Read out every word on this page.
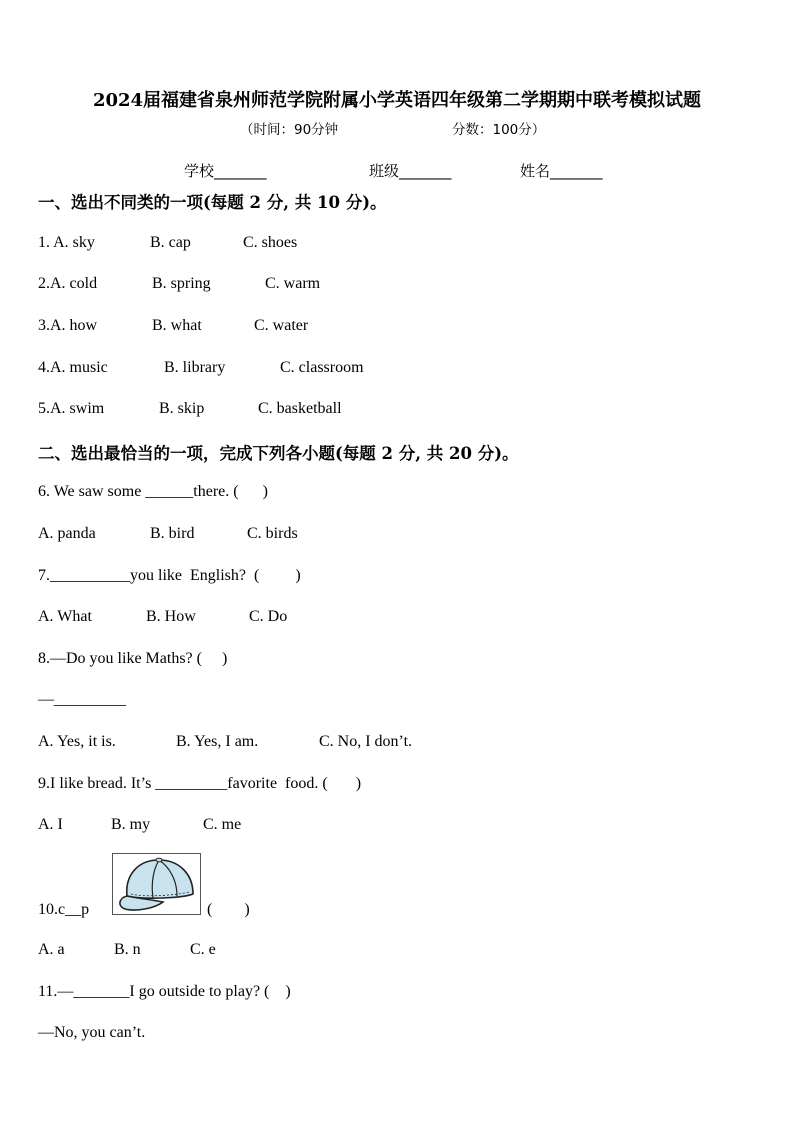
2024届福建省泉州师范学院附属小学英语四年级第二学期期中联考模拟试题
（时间：90分钟	分数：100分）
学校_______	班级_______	姓名_______
一、选出不同类的一项(每题 2 分, 共 10 分)。
1. A. sky	B. cap	C. shoes
2.A. cold	B. spring	C. warm
3.A. how	B. what	C. water
4.A. music	B. library	C. classroom
5.A. swim	B. skip	C. basketball
二、选出最恰当的一项，完成下列各小题(每题 2 分, 共 20 分)。
6. We saw some ______there. (      )
A. panda	B. bird	C. birds
7.__________you like  English?  (         )
A. What	B. How	C. Do
8.—Do you like Maths? (     )
—_________
A. Yes, it is.	B. Yes, I am.	C. No, I don’t.
9.I like bread. It’s _________favorite  food. (       )
A. I	B. my	C. me
10.c__p	(        )
A. a	B. n	C. e
11.—_______I go outside to play? (    )
—No, you can’t.
